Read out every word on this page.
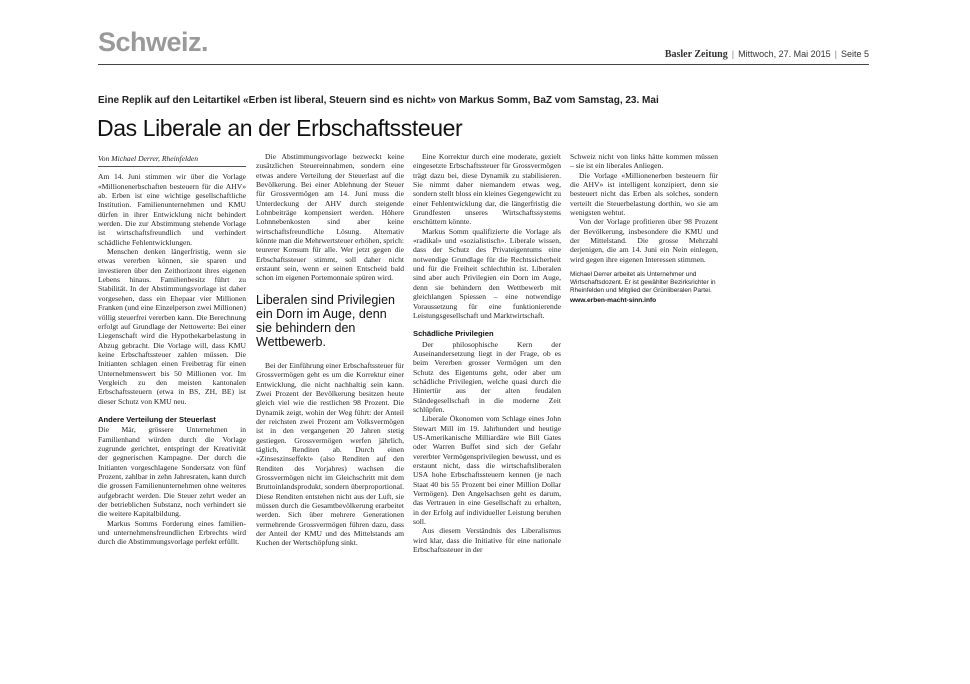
Schweiz.	Basler Zeitung | Mittwoch, 27. Mai 2015 | Seite 5
Eine Replik auf den Leitartikel «Erben ist liberal, Steuern sind es nicht» von Markus Somm, BaZ vom Samstag, 23. Mai
Das Liberale an der Erbschaftssteuer
Von Michael Derrer, Rheinfelden

Am 14. Juni stimmen wir über die Vorlage «Millionenerbschaften besteuern für die AHV» ab. Erben ist eine wichtige gesellschaftliche Institution. Familienunternehmen und KMU dürfen in ihrer Entwicklung nicht behindert werden. Die zur Abstimmung stehende Vorlage ist wirtschaftsfreundlich und verhindert schädliche Fehlentwicklungen.

Menschen denken längerfristig, wenn sie etwas vererben können, sie sparen und investieren über den Zeithorizont ihres eigenen Lebens hinaus. Familienbesitz führt zu Stabilität. In der Abstimmungsvorlage ist daher vorgesehen, dass ein Ehepaar vier Millionen Franken (und eine Einzelperson zwei Millionen) völlig steuerfrei vererben kann. Die Berechnung erfolgt auf Grundlage der Nettowerte: Bei einer Liegenschaft wird die Hypothekarbelastung in Abzug gebracht. Die Vorlage will, dass KMU keine Erbschaftssteuer zahlen müssen. Die Initianten schlagen einen Freibetrag für einen Unternehmenswert bis 50 Millionen vor. Im Vergleich zu den meisten kantonalen Erbschaftssteuern (etwa in BS, ZH, BE) ist dieser Schutz von KMU neu.

Andere Verteilung der Steuerlast

Die Mär, grössere Unternehmen in Familienhand würden durch die Vorlage zugrunde gerichtet, entspringt der Kreativität der gegnerischen Kampagne. Der durch die Initianten vorgeschlagene Sondersatz von fünf Prozent, zahlbar in zehn Jahresraten, kann durch die grossen Familienunternehmen ohne weiteres aufgebracht werden. Die Steuer zehrt weder an der betrieblichen Substanz, noch verhindert sie die weitere Kapitalbildung.

Markus Somms Forderung eines familien- und unternehmensfreundlichen Erbrechts wird durch die Abstimmungsvorlage perfekt erfüllt.

Die Abstimmungsvorlage bezweckt keine zusätzlichen Steuereinnahmen, sondern eine etwas andere Verteilung der Steuerlast auf die Bevölkerung. Bei einer Ablehnung der Steuer für Grossvermögen am 14. Juni muss die Unterdeckung der AHV durch steigende Lohnbeiträge kompensiert werden. Höhere Lohnnebenkosten sind aber keine wirtschaftsfreundliche Lösung. Alternativ könnte man die Mehrwertsteuer erhöhen, sprich: teurerer Konsum für alle. Wer jetzt gegen die Erbschaftssteuer stimmt, soll daher nicht erstaunt sein, wenn er seinen Entscheid bald schon im eigenen Portemonnaie spüren wird.

Liberalen sind Privilegien ein Dorn im Auge, denn sie behindern den Wettbewerb.

Bei der Einführung einer Erbschaftssteuer für Grossvermögen geht es um die Korrektur einer Entwicklung, die nicht nachhaltig sein kann. Zwei Prozent der Bevölkerung besitzen heute gleich viel wie die restlichen 98 Prozent. Die Dynamik zeigt, wohin der Weg führt: der Anteil der reichsten zwei Prozent am Volksvermögen ist in den vergangenen 20 Jahren stetig gestiegen. Grossvermögen werfen jährlich, täglich, Renditen ab. Durch einen «Zinseszinseffekt» (also Renditen auf den Renditen des Vorjahres) wachsen die Grossvermögen nicht im Gleichschritt mit dem Bruttoinlandsprodukt, sondern überproportional. Diese Renditen entstehen nicht aus der Luft, sie müssen durch die Gesamtbevölkerung erarbeitet werden. Sich über mehrere Generationen vermehrende Grossvermögen führen dazu, dass der Anteil der KMU und des Mittelstands am Kuchen der Wertschöpfung sinkt.

Eine Korrektur durch eine moderate, gezielt eingesetzte Erbschaftssteuer für Grossvermögen trägt dazu bei, diese Dynamik zu stabilisieren. Sie nimmt daher niemandem etwas weg, sondern stellt bloss ein kleines Gegengewicht zu einer Fehlentwicklung dar, die längerfristig die Grundfesten unseres Wirtschaftssystems erschüttern könnte.

Markus Somm qualifizierte die Vorlage als «radikal» und «sozialistisch». Liberale wissen, dass der Schutz des Privateigentums eine notwendige Grundlage für die Rechtssicherheit und für die Freiheit schlechthin ist. Liberalen sind aber auch Privilegien ein Dorn im Auge, denn sie behindern den Wettbewerb mit gleichlangen Spiessen – eine notwendige Voraussetzung für eine funktionierende Leistungsgesellschaft und Marktwirtschaft.

Schädliche Privilegien

Der philosophische Kern der Auseinandersetzung liegt in der Frage, ob es beim Vererben grosser Vermögen um den Schutz des Eigentums geht, oder aber um schädliche Privilegien, welche quasi durch die Hintertür aus der alten feudalen Ständegesellschaft in die moderne Zeit schlüpfen.

Liberale Ökonomen vom Schlage eines John Stewart Mill im 19. Jahrhundert und heutige US-Amerikanische Milliardäre wie Bill Gates oder Warren Buffet sind sich der Gefahr vererbter Vermögensprivilegien bewusst, und es erstaunt nicht, dass die wirtschaftsliberalen USA hohe Erbschaftssteuern kennen (je nach Staat 40 bis 55 Prozent bei einer Million Dollar Vermögen). Den Angelsachsen geht es darum, das Vertrauen in eine Gesellschaft zu erhalten, in der Erfolg auf individueller Leistung beruhen soll.

Aus diesem Verständnis des Liberalismus wird klar, dass die Initiative für eine nationale Erbschaftssteuer in der

Schweiz nicht von links hätte kommen müssen – sie ist ein liberales Anliegen.

Die Vorlage «Millionenerben besteuern für die AHV» ist intelligent konzipiert, denn sie besteuert nicht das Erben als solches, sondern verteilt die Steuerbelastung dorthin, wo sie am wenigsten wehtut.

Von der Vorlage profitieren über 98 Prozent der Bevölkerung, insbesondere die KMU und der Mittelstand. Die grosse Mehrzahl derjenigen, die am 14. Juni ein Nein einlegen, wird gegen ihre eigenen Interessen stimmen.

Michael Derrer arbeitet als Unternehmer und Wirtschaftsdozent. Er ist gewählter Bezirksrichter in Rheinfelden und Mitglied der Grünliberalen Partei.
www.erben-macht-sinn.info
